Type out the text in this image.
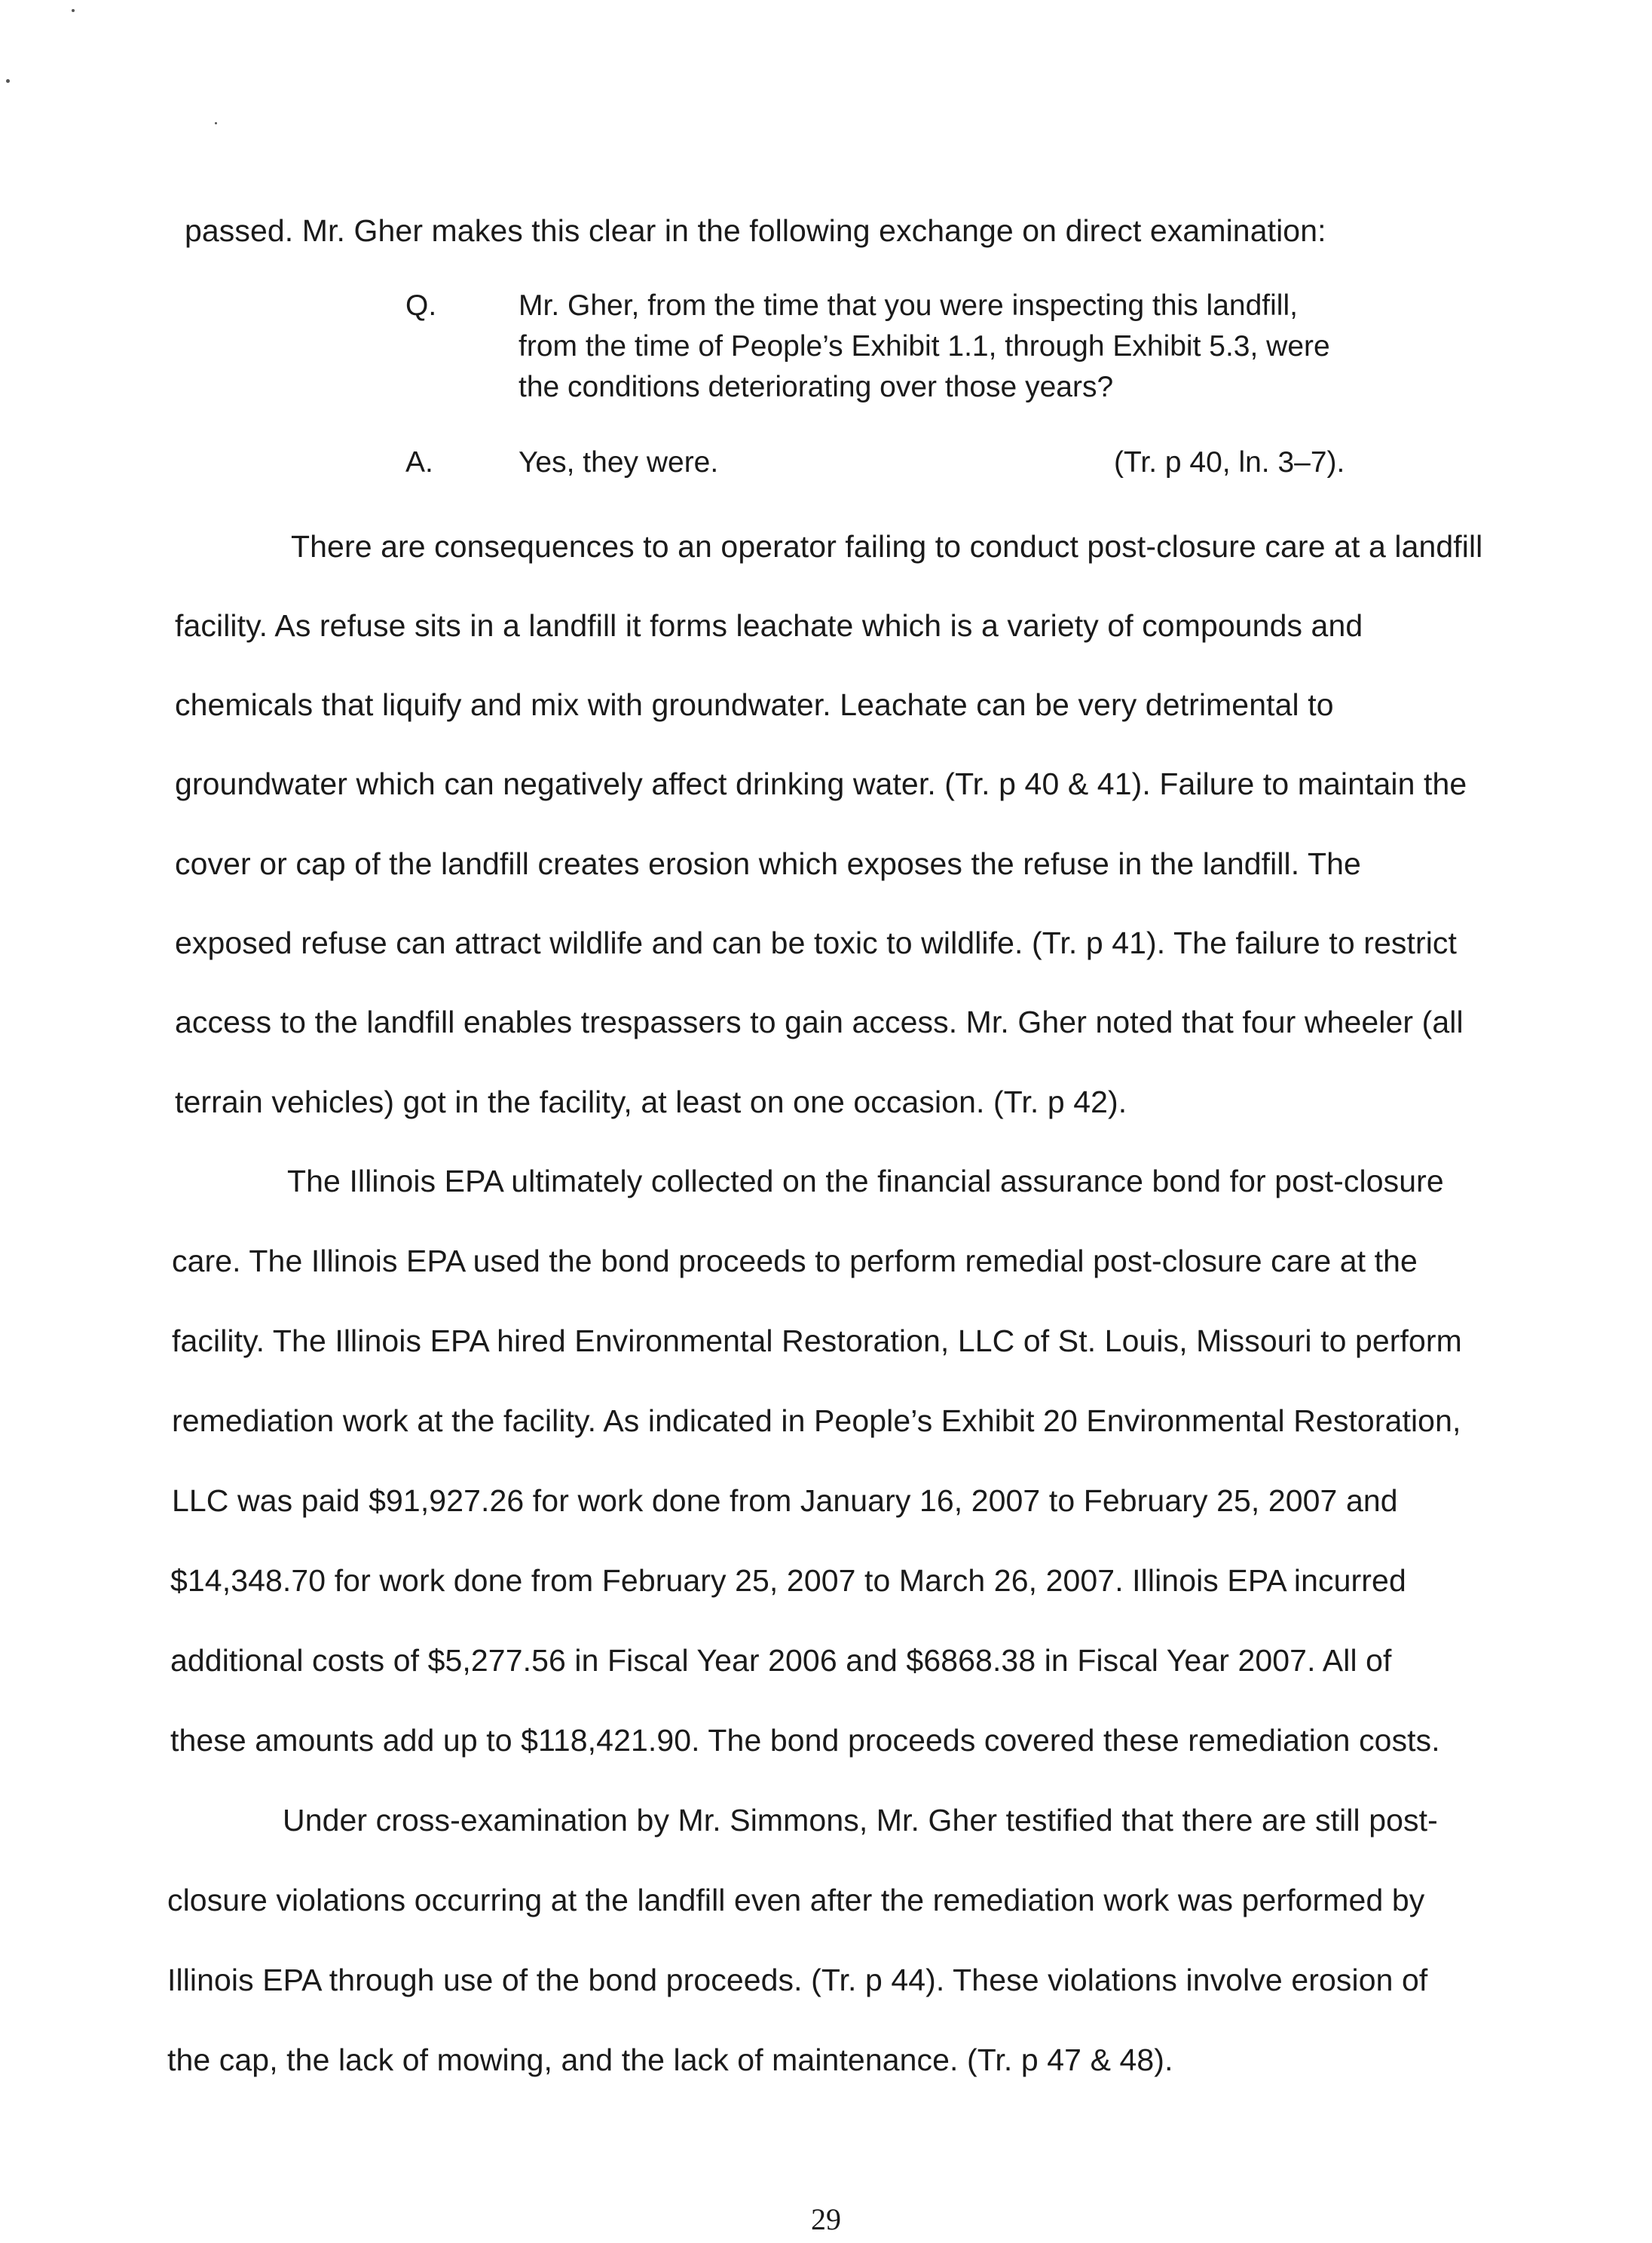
passed. Mr. Gher makes this clear in the following exchange on direct examination:
Q.	Mr. Gher, from the time that you were inspecting this landfill,
from the time of People’s Exhibit 1.1, through Exhibit 5.3, were
the conditions deteriorating over those years?
A.	Yes, they were.	(Tr. p 40, ln. 3–7).
There are consequences to an operator failing to conduct post-closure care at a landfill
facility. As refuse sits in a landfill it forms leachate which is a variety of compounds and
chemicals that liquify and mix with groundwater. Leachate can be very detrimental to
groundwater which can negatively affect drinking water. (Tr. p 40 & 41). Failure to maintain the
cover or cap of the landfill creates erosion which exposes the refuse in the landfill. The
exposed refuse can attract wildlife and can be toxic to wildlife. (Tr. p 41). The failure to restrict
access to the landfill enables trespassers to gain access. Mr. Gher noted that four wheeler (all
terrain vehicles) got in the facility, at least on one occasion. (Tr. p 42).
The Illinois EPA ultimately collected on the financial assurance bond for post-closure
care. The Illinois EPA used the bond proceeds to perform remedial post-closure care at the
facility. The Illinois EPA hired Environmental Restoration, LLC of St. Louis, Missouri to perform
remediation work at the facility. As indicated in People’s Exhibit 20 Environmental Restoration,
LLC was paid $91,927.26 for work done from January 16, 2007 to February 25, 2007 and
$14,348.70 for work done from February 25, 2007 to March 26, 2007. Illinois EPA incurred
additional costs of $5,277.56 in Fiscal Year 2006 and $6868.38 in Fiscal Year 2007. All of
these amounts add up to $118,421.90. The bond proceeds covered these remediation costs.
Under cross-examination by Mr. Simmons, Mr. Gher testified that there are still post-
closure violations occurring at the landfill even after the remediation work was performed by
Illinois EPA through use of the bond proceeds. (Tr. p 44). These violations involve erosion of
the cap, the lack of mowing, and the lack of maintenance. (Tr. p 47 & 48).
29
